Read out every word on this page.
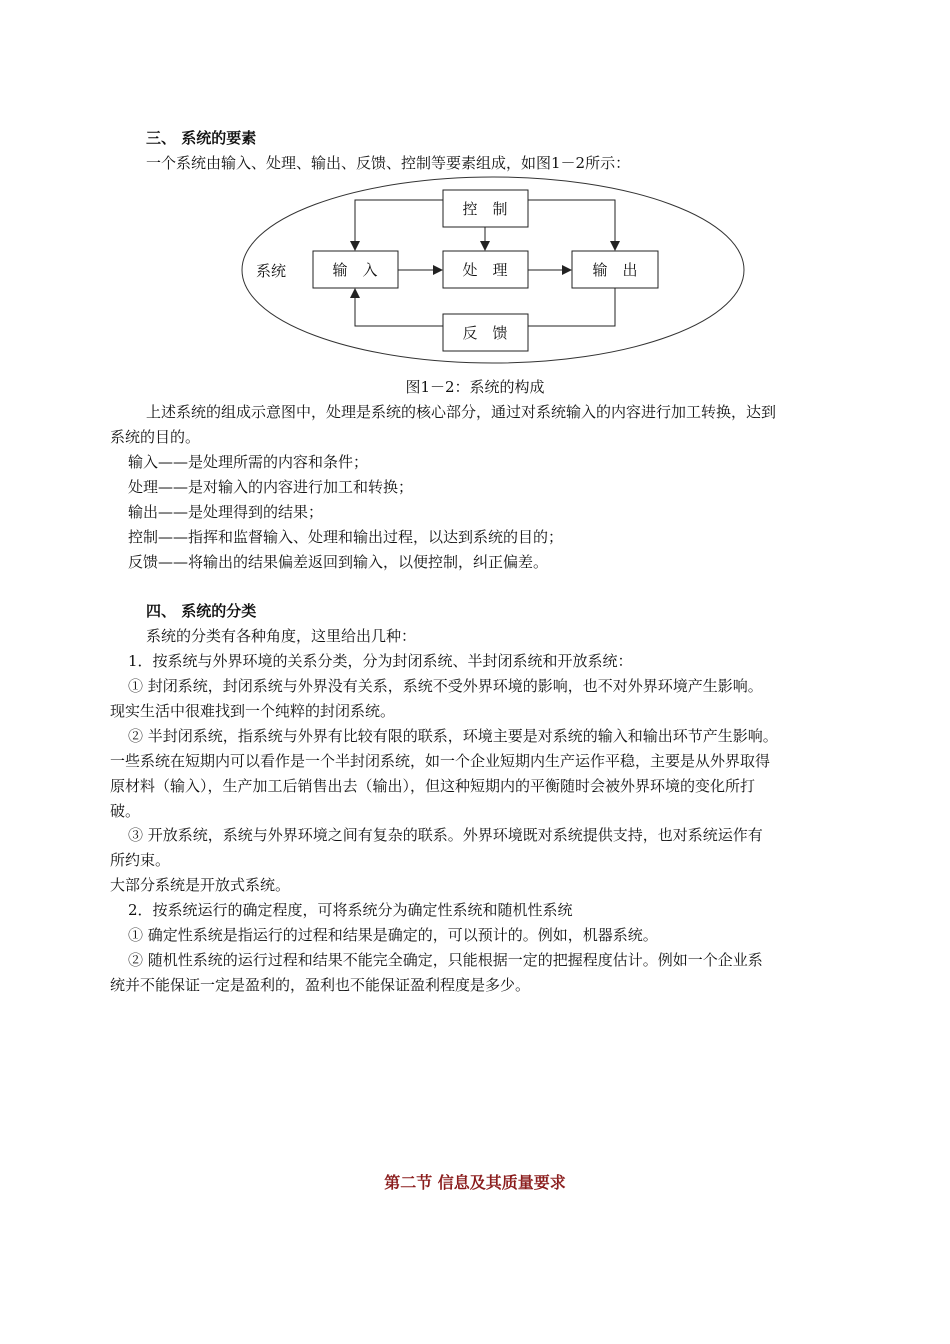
三、 系统的要素
一个系统由输入、处理、输出、反馈、控制等要素组成，如图1－2所示：
系统
控　制
输　入	处　理	输　出
反　馈
图1－2：系统的构成
上述系统的组成示意图中，处理是系统的核心部分，通过对系统输入的内容进行加工转换，达到
系统的目的。
输入——是处理所需的内容和条件；
处理——是对输入的内容进行加工和转换；
输出——是处理得到的结果；
控制——指挥和监督输入、处理和输出过程，以达到系统的目的；
反馈——将输出的结果偏差返回到输入，以便控制，纠正偏差。
四、 系统的分类
系统的分类有各种角度，这里给出几种：
1．按系统与外界环境的关系分类，分为封闭系统、半封闭系统和开放系统：
① 封闭系统，封闭系统与外界没有关系，系统不受外界环境的影响，也不对外界环境产生影响。
现实生活中很难找到一个纯粹的封闭系统。
② 半封闭系统，指系统与外界有比较有限的联系，环境主要是对系统的输入和输出环节产生影响。
一些系统在短期内可以看作是一个半封闭系统，如一个企业短期内生产运作平稳，主要是从外界取得
原材料（输入），生产加工后销售出去（输出），但这种短期内的平衡随时会被外界环境的变化所打
破。
③ 开放系统，系统与外界环境之间有复杂的联系。外界环境既对系统提供支持，也对系统运作有
所约束。
大部分系统是开放式系统。
2．按系统运行的确定程度，可将系统分为确定性系统和随机性系统
① 确定性系统是指运行的过程和结果是确定的，可以预计的。例如，机器系统。
② 随机性系统的运行过程和结果不能完全确定，只能根据一定的把握程度估计。例如一个企业系
统并不能保证一定是盈利的，盈利也不能保证盈利程度是多少。
第二节 信息及其质量要求
